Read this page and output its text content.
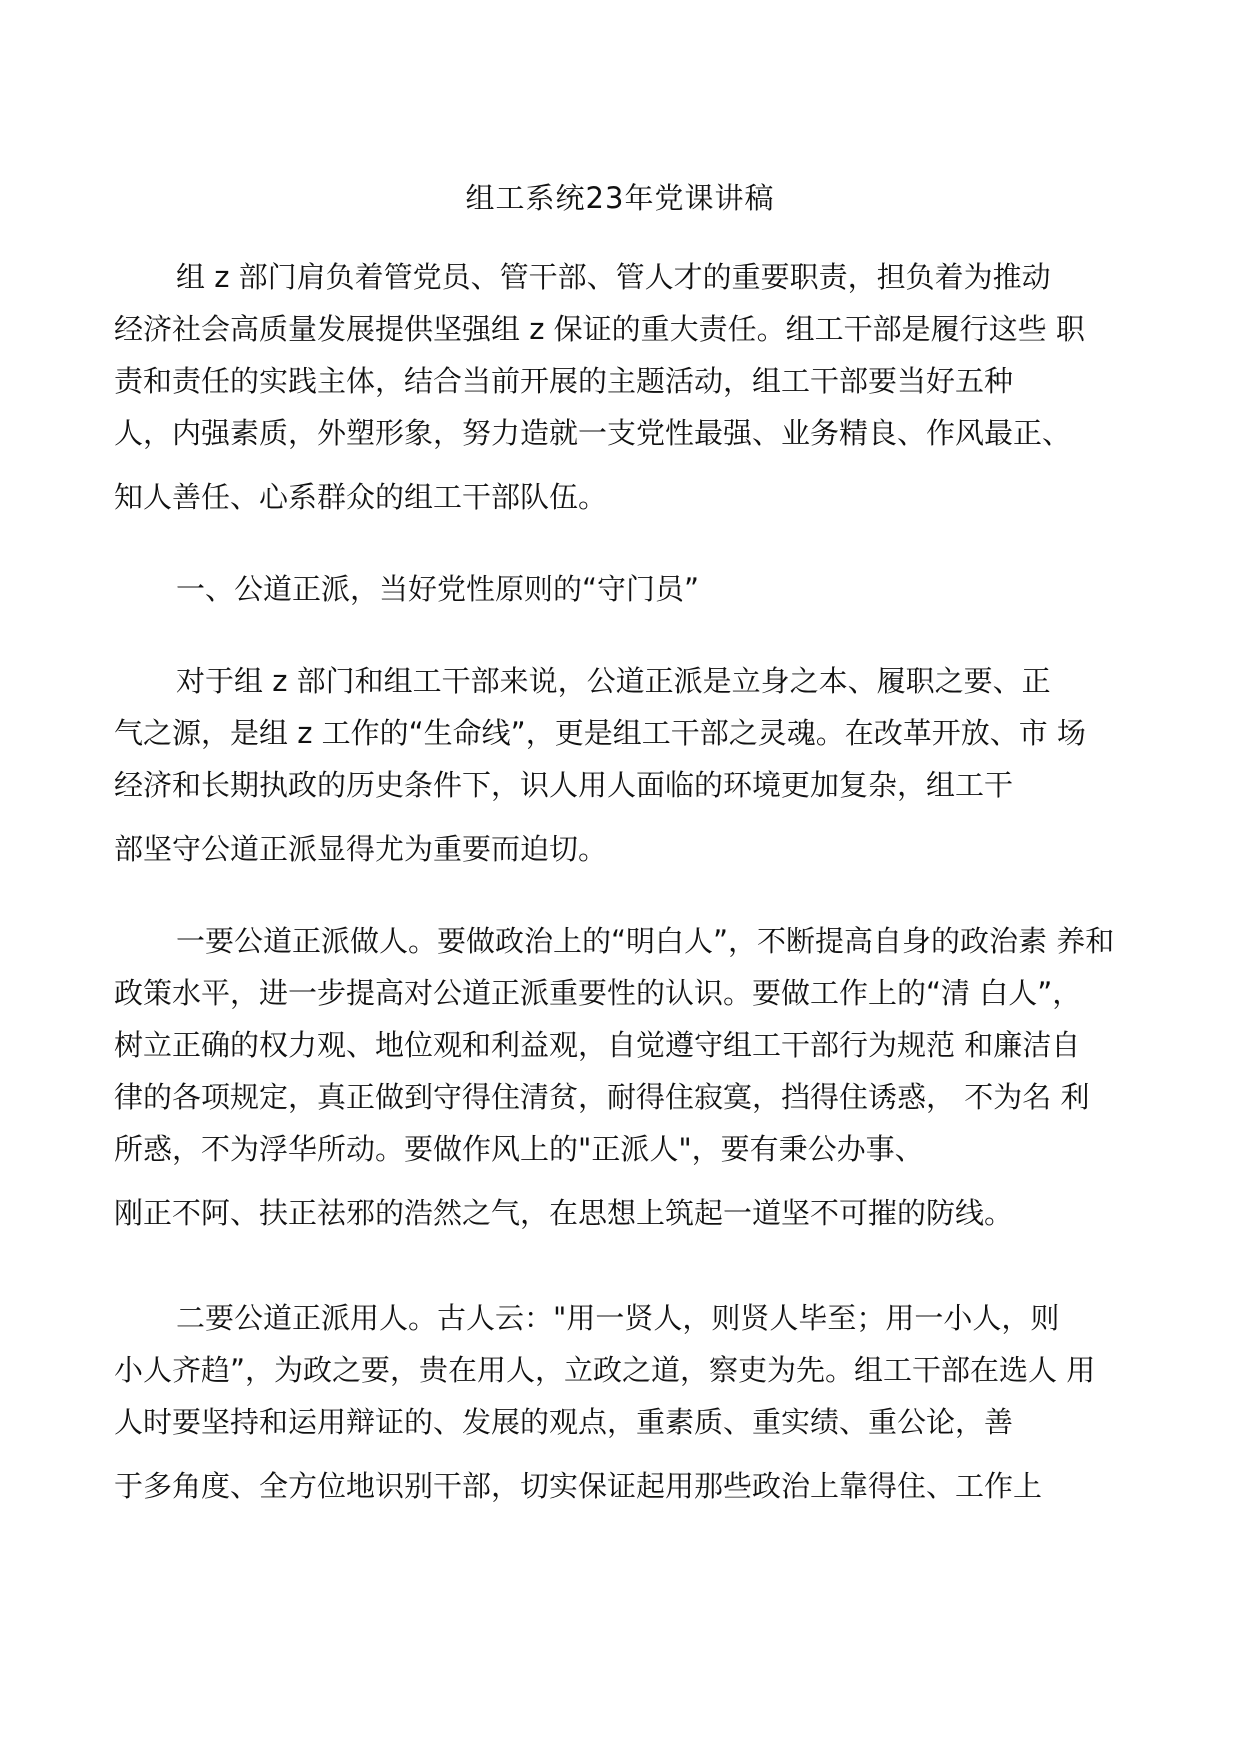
组工系统23年党课讲稿

组 z 部门肩负着管党员、管干部、管人才的重要职责，担负着为推动

经济社会高质量发展提供坚强组 z 保证的重大责任。组工干部是履行这些 职

责和责任的实践主体，结合当前开展的主题活动，组工干部要当好五种

人，内强素质，外塑形象，努力造就一支党性最强、业务精良、作风最正、

知人善任、心系群众的组工干部队伍。

一、公道正派，当好党性原则的“守门员”

对于组 z 部门和组工干部来说，公道正派是立身之本、履职之要、正

气之源，是组 z 工作的“生命线”，更是组工干部之灵魂。在改革开放、市 场

经济和长期执政的历史条件下，识人用人面临的环境更加复杂，组工干

部坚守公道正派显得尤为重要而迫切。

一要公道正派做人。要做政治上的“明白人”，不断提高自身的政治素 养和

政策水平，进一步提高对公道正派重要性的认识。要做工作上的“清 白人”，

树立正确的权力观、地位观和利益观，自觉遵守组工干部行为规范 和廉洁自

律的各项规定，真正做到守得住清贫，耐得住寂寞，挡得住诱惑， 不为名 利

所惑，不为浮华所动。要做作风上的"正派人"，要有秉公办事、

刚正不阿、扶正祛邪的浩然之气，在思想上筑起一道坚不可摧的防线。

二要公道正派用人。古人云："用一贤人，则贤人毕至；用一小人，则

小人齐趋”，为政之要，贵在用人，立政之道，察吏为先。组工干部在选人 用

人时要坚持和运用辩证的、发展的观点，重素质、重实绩、重公论，善

于多角度、全方位地识别干部，切实保证起用那些政治上靠得住、工作上
